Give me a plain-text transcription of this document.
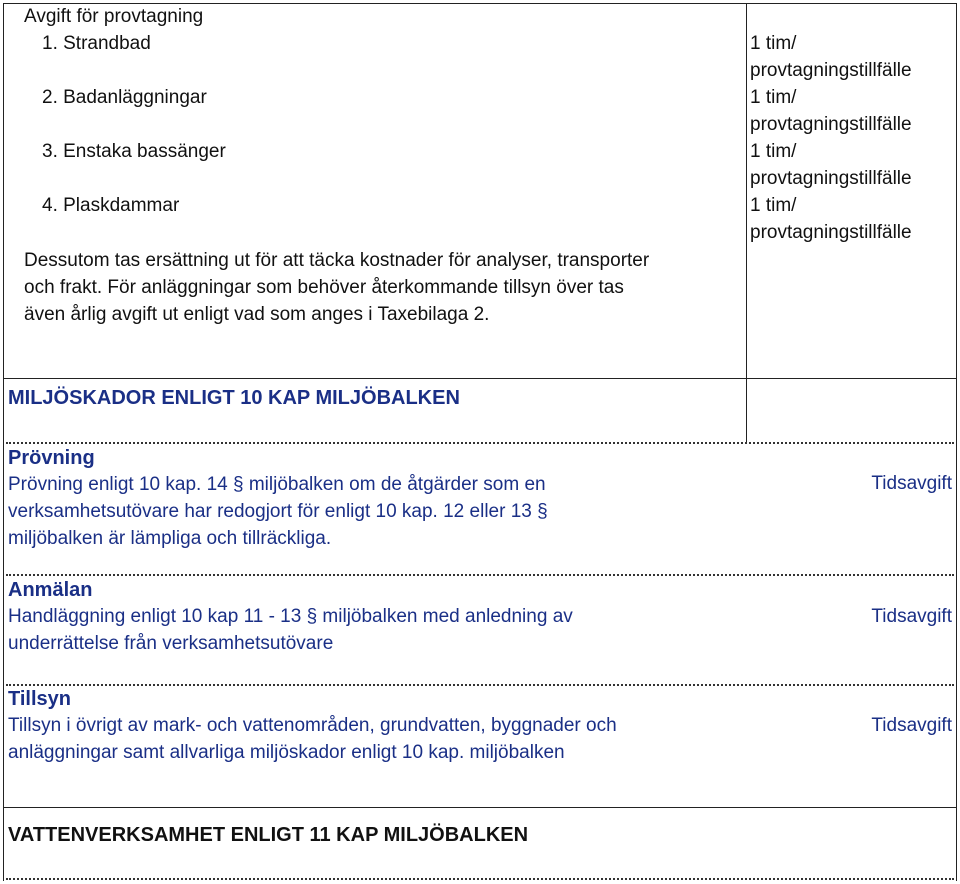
Avgift för provtagning
1. Strandbad	1 tim/
provtagningstillfälle
2. Badanläggningar	1 tim/
provtagningstillfälle
3. Enstaka bassänger	1 tim/
provtagningstillfälle
4. Plaskdammar	1 tim/
provtagningstillfälle
Dessutom tas ersättning ut för att täcka kostnader för analyser, transporter
och frakt. För anläggningar som behöver återkommande tillsyn över tas
även årlig avgift ut enligt vad som anges i Taxebilaga 2.
MILJÖSKADOR ENLIGT 10 KAP MILJÖBALKEN
Prövning
Prövning enligt 10 kap. 14 § miljöbalken om de åtgärder som en
verksamhetsutövare har redogjort för enligt 10 kap. 12 eller 13 §
miljöbalken är lämpliga och tillräckliga.
Tidsavgift
Anmälan
Handläggning enligt 10 kap 11 - 13 § miljöbalken med anledning av
underrättelse från verksamhetsutövare
Tidsavgift
Tillsyn
Tillsyn i övrigt av mark- och vattenområden, grundvatten, byggnader och
anläggningar samt allvarliga miljöskador enligt 10 kap. miljöbalken
Tidsavgift
VATTENVERKSAMHET ENLIGT 11 KAP MILJÖBALKEN
